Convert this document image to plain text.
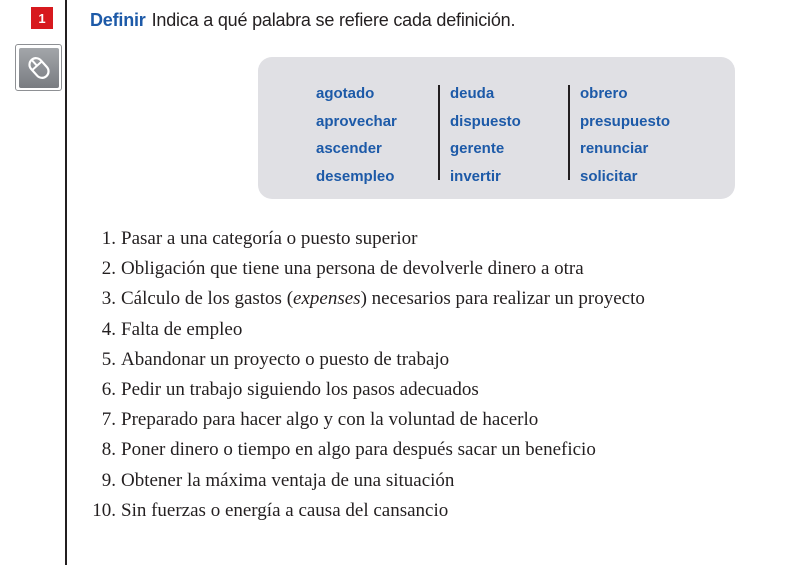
1	Definir Indica a qué palabra se refiere cada definición.
agotado
aprovechar
ascender
desempleo
deuda
dispuesto
gerente
invertir
obrero
presupuesto
renunciar
solicitar
1. Pasar a una categoría o puesto superior
2. Obligación que tiene una persona de devolverle dinero a otra
3. Cálculo de los gastos (expenses) necesarios para realizar un proyecto
4. Falta de empleo
5. Abandonar un proyecto o puesto de trabajo
6. Pedir un trabajo siguiendo los pasos adecuados
7. Preparado para hacer algo y con la voluntad de hacerlo
8. Poner dinero o tiempo en algo para después sacar un beneficio
9. Obtener la máxima ventaja de una situación
10. Sin fuerzas o energía a causa del cansancio
